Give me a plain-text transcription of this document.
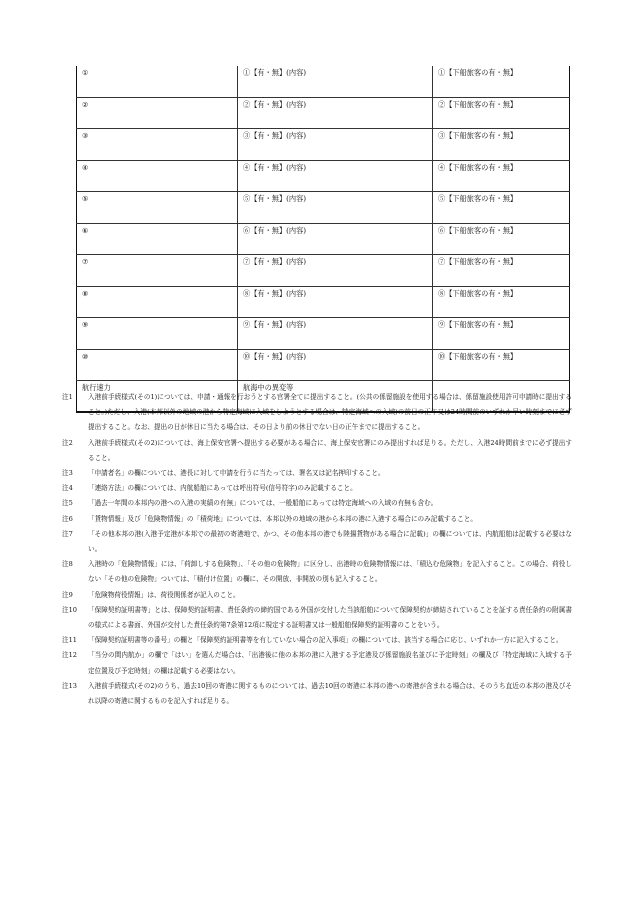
①	①【有・無】(内容)	①【下船旅客の有・無】
②	②【有・無】(内容)	②【下船旅客の有・無】
③	③【有・無】(内容)	③【下船旅客の有・無】
④	④【有・無】(内容)	④【下船旅客の有・無】
⑤	⑤【有・無】(内容)	⑤【下船旅客の有・無】
⑥	⑥【有・無】(内容)	⑥【下船旅客の有・無】
⑦	⑦【有・無】(内容)	⑦【下船旅客の有・無】
⑧	⑧【有・無】(内容)	⑧【下船旅客の有・無】
⑨	⑨【有・無】(内容)	⑨【下船旅客の有・無】
⑩	⑩【有・無】(内容)	⑩【下船旅客の有・無】
航行速力	航海中の異変等	
注1	入港前手続様式(その1)については、申請・通報を行おうとする官署全てに提出すること。(公共の係留施設を使用する場合は、係留施設使用許可申請時に提出すること。)ただし、入港(本邦以外の地域の港から特定海域に入域をしようとする場合は、特定海域への入域)の前日の正午又は24時間前のいずれか早い時刻までに必ず提出すること。なお、提出の日が休日に当たる場合は、その日より前の休日でない日の正午までに提出すること。
注2	入港前手続様式(その2)については、海上保安官署へ提出する必要がある場合に、海上保安官署にのみ提出すれば足りる。ただし、入港24時間前までに必ず提出すること。
注3	「申請者名」の欄については、港長に対して申請を行うに当たっては、署名又は記名押印すること。
注4	「連絡方法」の欄については、内航船舶にあっては呼出符号(信号符字)のみ記載すること。
注5	「過去一年間の本邦内の港への入港の実績の有無」については、一般船舶にあっては特定海域への入域の有無も含む。
注6	「貨物情報」及び「危険物情報」の「積荷地」については、本邦以外の地域の港から本邦の港に入港する場合にのみ記載すること。
注7	「その他本邦の港(入港予定港が本邦での最初の寄港地で、かつ、その他本邦の港でも陸揚貨物がある場合に記載)」の欄については、内航船舶は記載する必要はない。
注8	入港時の「危険物情報」には、「荷卸しする危険物」、「その他の危険物」に区分し、出港時の危険物情報には、「積込む危険物」を記入すること。この場合、荷役しない「その他の危険物」ついては、「積付け位置」の欄に、その開放、非開放の別も記入すること。
注9	「危険物荷役情報」は、荷役関係者が記入のこと。
注10	「保障契約証明書等」とは、保障契約証明書、責任条約の締約国である外国が交付した当該船舶について保障契約が締結されていることを証する責任条約の附属書の様式による書面、外国が交付した責任条約第7条第12項に規定する証明書又は一般船舶保障契約証明書のことをいう。
注11	「保障契約証明書等の番号」の欄と「保障契約証明書等を有していない場合の記入事項」の欄については、該当する場合に応じ、いずれか一方に記入すること。
注12	「当分の間内航か」の欄で「はい」を選んだ場合は、「出港後に他の本邦の港に入港する予定港及び係留施設名並びに予定時刻」の欄及び「特定海域に入域する予定位置及び予定時刻」の欄は記載する必要はない。
注13	入港前手続様式(その2)のうち、過去10回の寄港に関するものについては、過去10回の寄港に本邦の港への寄港が含まれる場合は、そのうち直近の本邦の港及びそれ以降の寄港に関するものを記入すれば足りる。
